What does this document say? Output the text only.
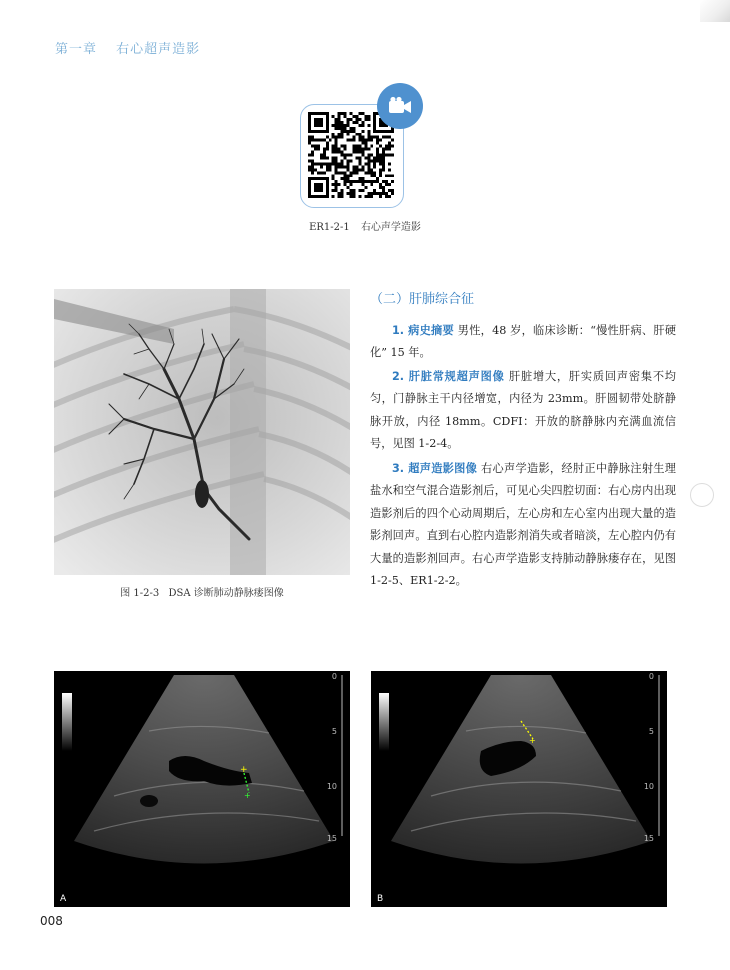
第一章 右心超声造影
ER1-2-1 右心声学造影
图 1-2-3 DSA 诊断肺动静脉瘘图像
（二）肝肺综合征
1. 病史摘要 男性，48 岁，临床诊断：“慢性肝病、肝硬化” 15 年。
2. 肝脏常规超声图像 肝脏增大，肝实质回声密集不均匀，门静脉主干内径增宽，内径为 23mm。肝圆韧带处脐静脉开放，内径 18mm。CDFI：开放的脐静脉内充满血流信号，见图 1-2-4。
3. 超声造影图像 右心声学造影，经肘正中静脉注射生理盐水和空气混合造影剂后，可见心尖四腔切面：右心房内出现造影剂后的四个心动周期后，左心房和左心室内出现大量的造影剂回声。直到右心腔内造影剂消失或者暗淡，左心腔内仍有大量的造影剂回声。右心声学造影支持肺动静脉瘘存在，见图 1-2-5、ER1-2-2。
+
+
0
5
10
15
A
+
0
5
10
15
B
008
